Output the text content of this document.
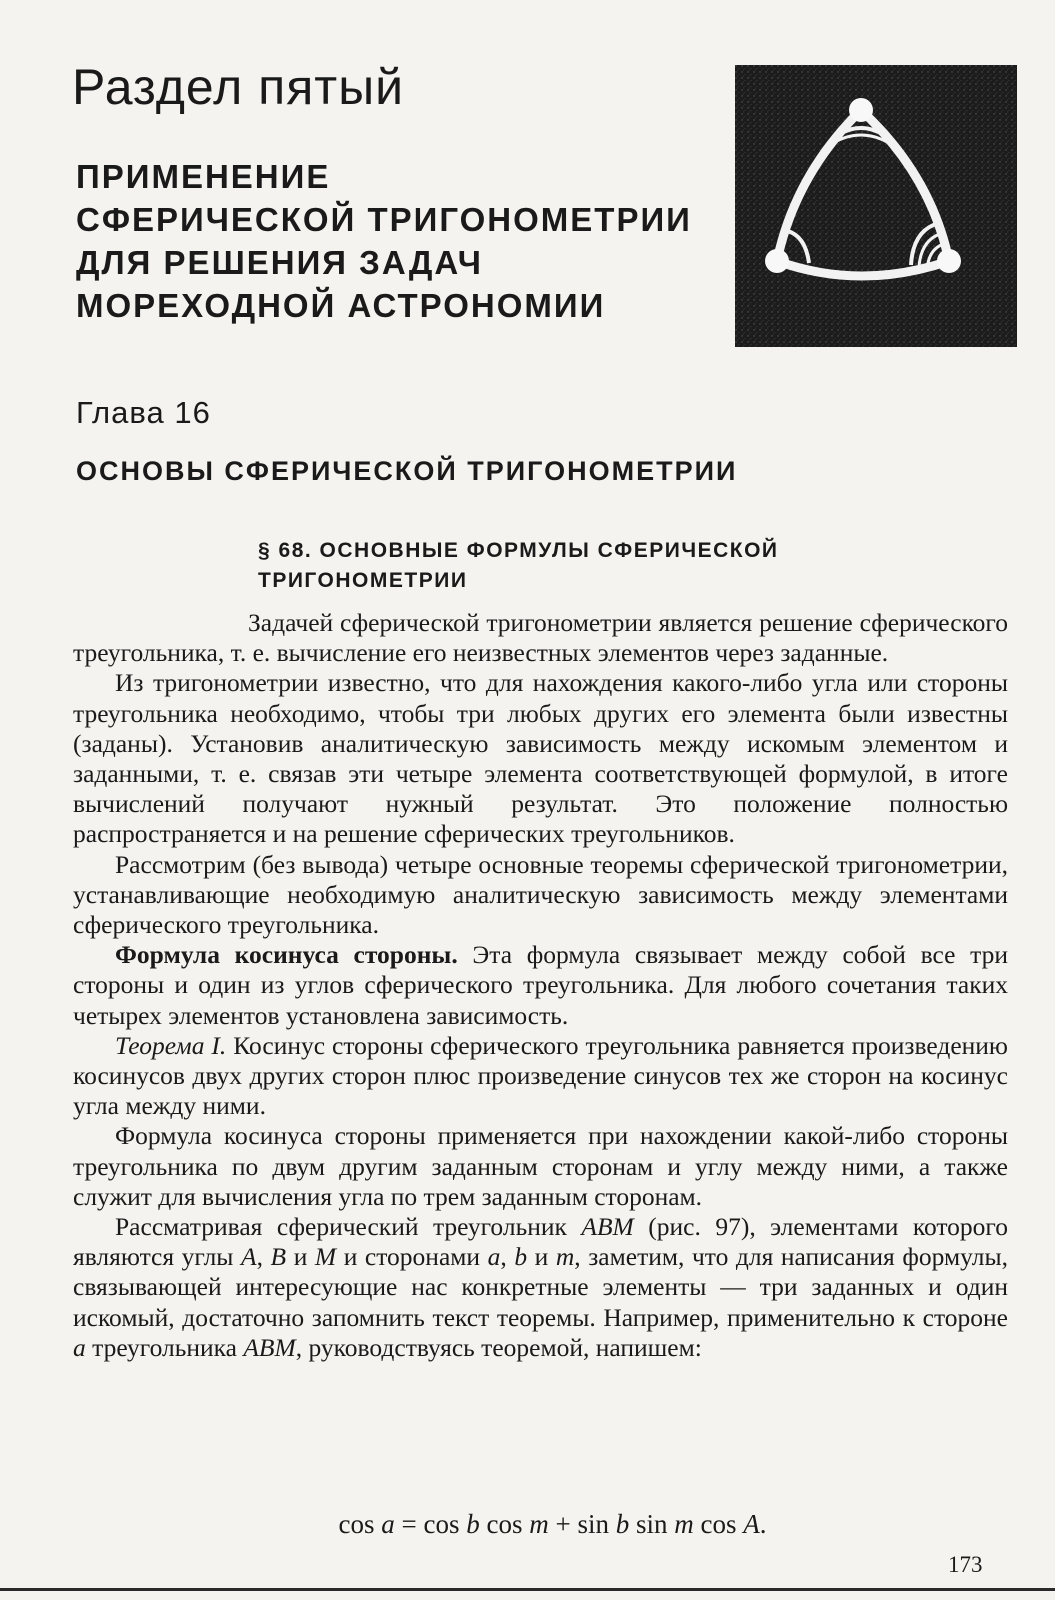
Раздел пятый
ПРИМЕНЕНИЕ
СФЕРИЧЕСКОЙ ТРИГОНОМЕТРИИ
ДЛЯ РЕШЕНИЯ ЗАДАЧ
МОРЕХОДНОЙ АСТРОНОМИИ
Глава 16
ОСНОВЫ СФЕРИЧЕСКОЙ ТРИГОНОМЕТРИИ
§ 68. ОСНОВНЫЕ ФОРМУЛЫ СФЕРИЧЕСКОЙ
ТРИГОНОМЕТРИИ

Задачей сферической тригонометрии является решение сферического треугольника, т. е. вычисление его неизвестных элементов через заданные.

Из тригонометрии известно, что для нахождения какого-либо угла или стороны треугольника необходимо, чтобы три любых других его элемента были известны (заданы). Установив аналитическую зависимость между искомым элементом и заданными, т. е. связав эти четыре элемента соответствующей формулой, в итоге вычислений получают нужный результат. Это положение полностью распространяется и на решение сферических треугольников.

Рассмотрим (без вывода) четыре основные теоремы сферической тригонометрии, устанавливающие необходимую аналитическую зависимость между элементами сферического треугольника.

Формула косинуса стороны. Эта формула связывает между собой все три стороны и один из углов сферического треугольника. Для любого сочетания таких четырех элементов установлена зависимость.

Теорема I. Косинус стороны сферического треугольника равняется произведению косинусов двух других сторон плюс произведение синусов тех же сторон на косинус угла между ними.

Формула косинуса стороны применяется при нахождении какой-либо стороны треугольника по двум другим заданным сторонам и углу между ними, а также служит для вычисления угла по трем заданным сторонам.

Рассматривая сферический треугольник ABM (рис. 97), элементами которого являются углы A, B и M и сторонами a, b и m, заметим, что для написания формулы, связывающей интересующие нас конкретные элементы — три заданных и один искомый, достаточно запомнить текст теоремы. Например, применительно к стороне a треугольника ABM, руководствуясь теоремой, напишем:

cos a = cos b cos m + sin b sin m cos A.
173
